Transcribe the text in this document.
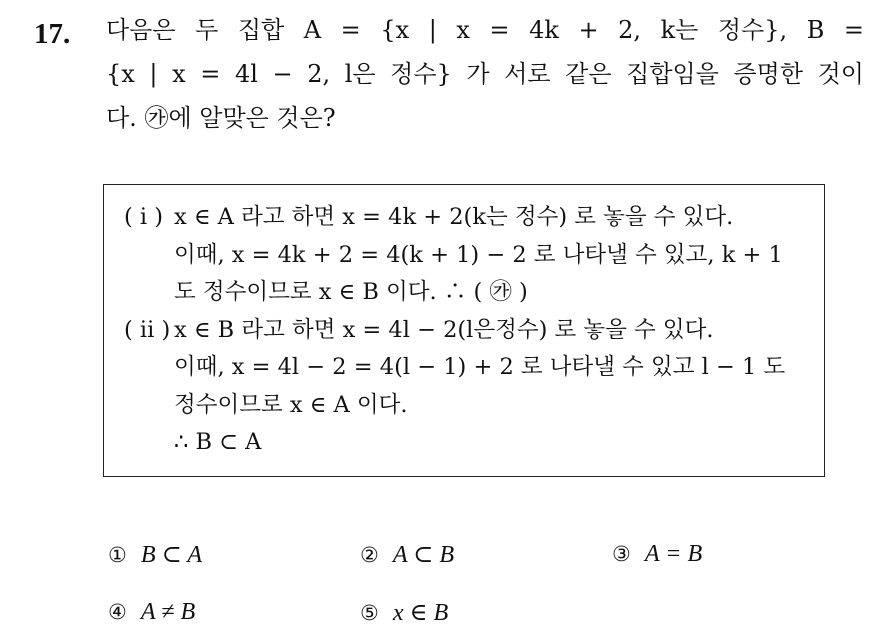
17. 다음은 두 집합 A = {x | x = 4k + 2, k는 정수}, B =
{x | x = 4l − 2, l은 정수} 가 서로 같은 집합임을 증명한 것이
다. ㉮에 알맞은 것은?
( i ) x ∈ A 라고 하면 x = 4k + 2(k는 정수) 로 놓을 수 있다.
이때, x = 4k + 2 = 4(k + 1) − 2 로 나타낼 수 있고, k + 1
도 정수이므로 x ∈ B 이다. ∴ ( ㉮ )
( ii ) x ∈ B 라고 하면 x = 4l − 2(l은정수) 로 놓을 수 있다.
이때, x = 4l − 2 = 4(l − 1) + 2 로 나타낼 수 있고 l − 1 도
정수이므로 x ∈ A 이다.
∴ B ⊂ A
① B ⊂ A	② A ⊂ B	③ A = B
④ A ≠ B	⑤ x ∈ B
